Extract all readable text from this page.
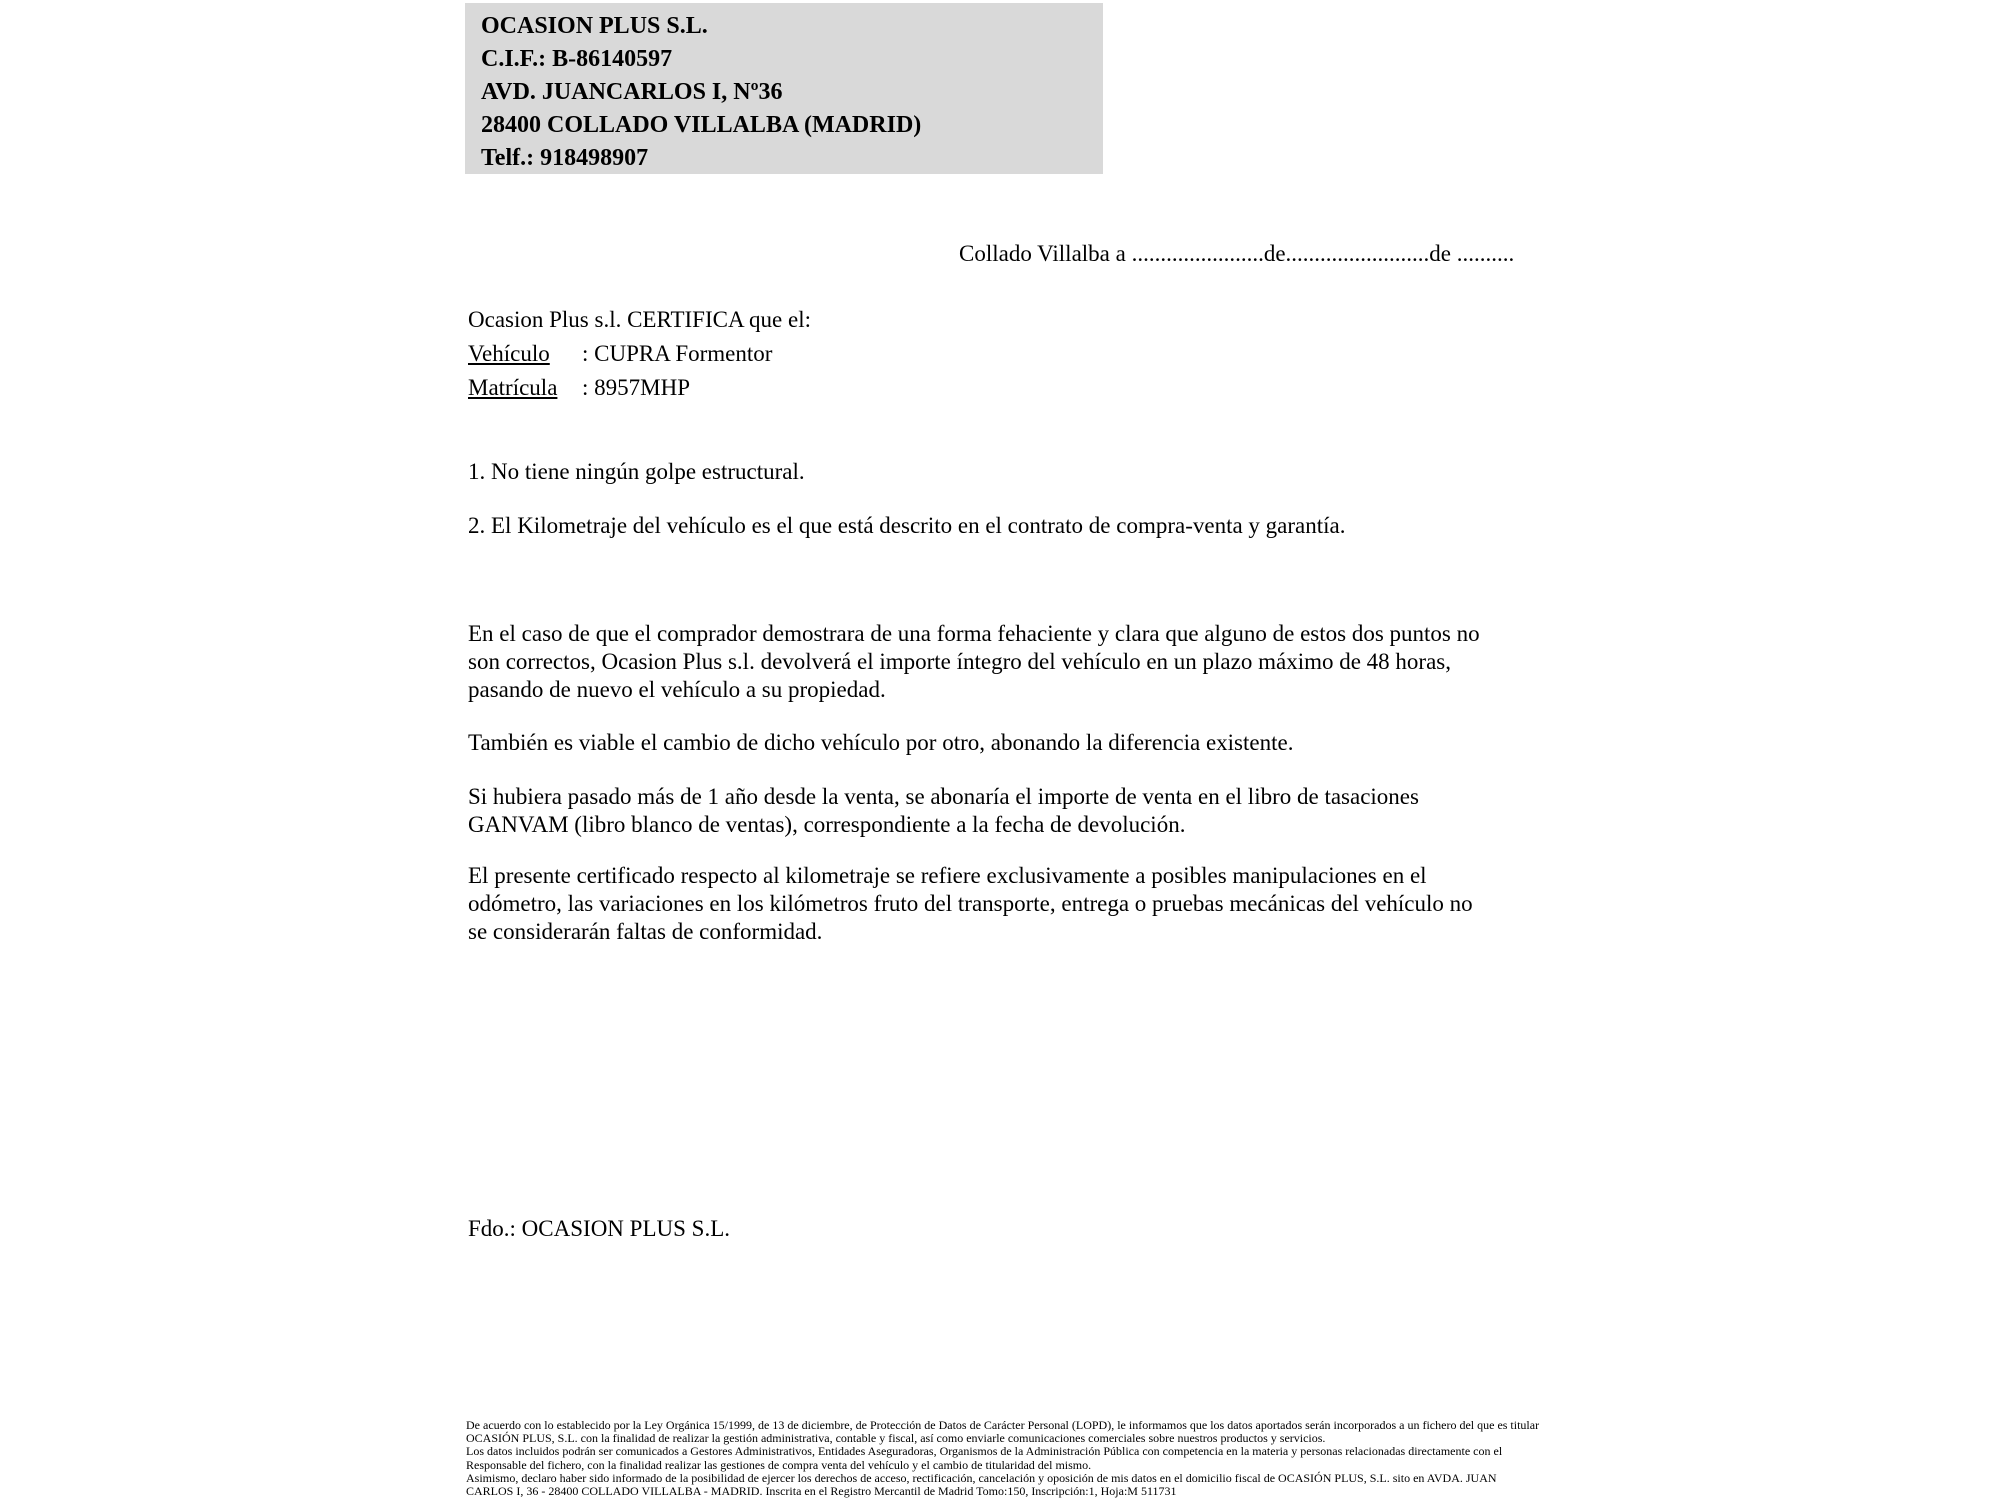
OCASION PLUS S.L.
C.I.F.: B-86140597
AVD. JUANCARLOS I, Nº36
28400 COLLADO VILLALBA (MADRID)
Telf.: 918498907
Collado Villalba a .......................de.........................de ..........
Ocasion Plus s.l. CERTIFICA que el:
Vehículo : CUPRA Formentor
Matrícula : 8957MHP
1. No tiene ningún golpe estructural.
2. El Kilometraje del vehículo es el que está descrito en el contrato de compra-venta y garantía.
En el caso de que el comprador demostrara de una forma fehaciente y clara que alguno de estos dos puntos no
son correctos, Ocasion Plus s.l. devolverá el importe íntegro del vehículo en un plazo máximo de 48 horas,
pasando de nuevo el vehículo a su propiedad.
También es viable el cambio de dicho vehículo por otro, abonando la diferencia existente.
Si hubiera pasado más de 1 año desde la venta, se abonaría el importe de venta en el libro de tasaciones
GANVAM (libro blanco de ventas), correspondiente a la fecha de devolución.
El presente certificado respecto al kilometraje se refiere exclusivamente a posibles manipulaciones en el
odómetro, las variaciones en los kilómetros fruto del transporte, entrega o pruebas mecánicas del vehículo no
se considerarán faltas de conformidad.
Fdo.: OCASION PLUS S.L.
De acuerdo con lo establecido por la Ley Orgánica 15/1999, de 13 de diciembre, de Protección de Datos de Carácter Personal (LOPD), le informamos que los datos aportados serán incorporados a un fichero del que es titular
OCASIÓN PLUS, S.L. con la finalidad de realizar la gestión administrativa, contable y fiscal, así como enviarle comunicaciones comerciales sobre nuestros productos y servicios.
Los datos incluidos podrán ser comunicados a Gestores Administrativos, Entidades Aseguradoras, Organismos de la Administración Pública con competencia en la materia y personas relacionadas directamente con el
Responsable del fichero, con la finalidad realizar las gestiones de compra venta del vehículo y el cambio de titularidad del mismo.
Asimismo, declaro haber sido informado de la posibilidad de ejercer los derechos de acceso, rectificación, cancelación y oposición de mis datos en el domicilio fiscal de OCASIÓN PLUS, S.L. sito en AVDA. JUAN
CARLOS I, 36 - 28400 COLLADO VILLALBA - MADRID. Inscrita en el Registro Mercantil de Madrid Tomo:150, Inscripción:1, Hoja:M 511731
